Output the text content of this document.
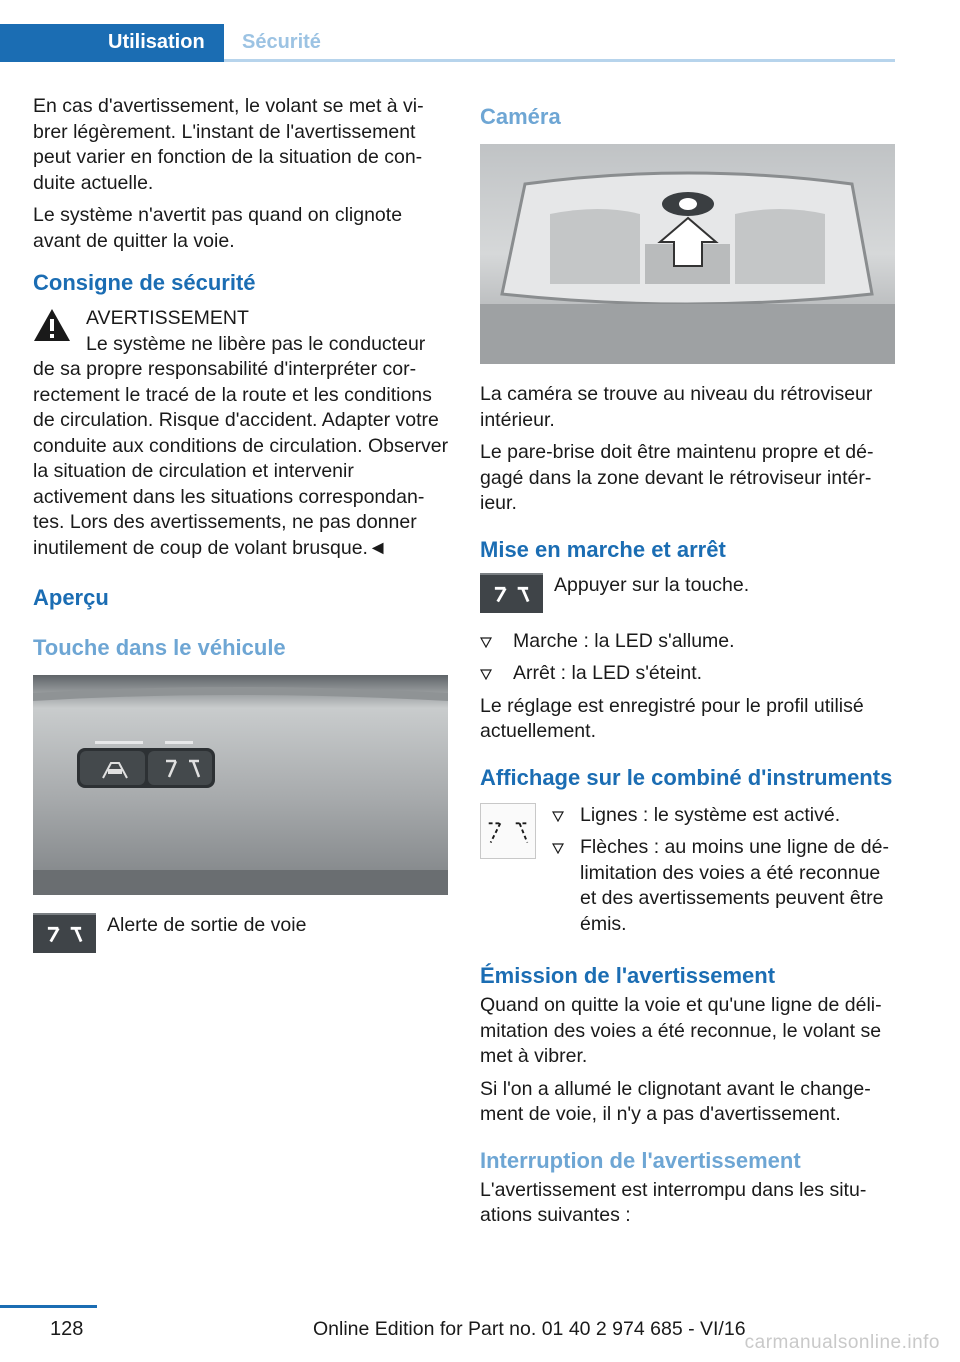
Utilisation Sécurité

En cas d'avertissement, le volant se met à vibrer légèrement. L'instant de l'avertissement peut varier en fonction de la situation de conduite actuelle.

Le système n'avertit pas quand on clignote avant de quitter la voie.

Consigne de sécurité
AVERTISSEMENT
Le système ne libère pas le conducteur
de sa propre responsabilité d'interpréter correctement le tracé de la route et les conditions de circulation. Risque d'accident. Adapter votre conduite aux conditions de circulation. Observer la situation de circulation et intervenir activement dans les situations correspondantes. Lors des avertissements, ne pas donner inutilement de coup de volant brusque.◄
Aperçu
Touche dans le véhicule
Alerte de sortie de voie
Caméra

La caméra se trouve au niveau du rétroviseur intérieur.

Le pare-brise doit être maintenu propre et dégagé dans la zone devant le rétroviseur intérieur.

Mise en marche et arrêt
Appuyer sur la touche.
Marche : la LED s'allume.
Arrêt : la LED s'éteint.

Le réglage est enregistré pour le profil utilisé actuellement.

Affichage sur le combiné d'instruments
Lignes : le système est activé.
Flèches : au moins une ligne de délimitation des voies a été reconnue et des avertissements peuvent être émis.
Émission de l'avertissement

Quand on quitte la voie et qu'une ligne de délimitation des voies a été reconnue, le volant se met à vibrer.

Si l'on a allumé le clignotant avant le changement de voie, il n'y a pas d'avertissement.

Interruption de l'avertissement

L'avertissement est interrompu dans les situations suivantes :

128	Online Edition for Part no. 01 40 2 974 685 - VI/16
carmanualsonline.info
